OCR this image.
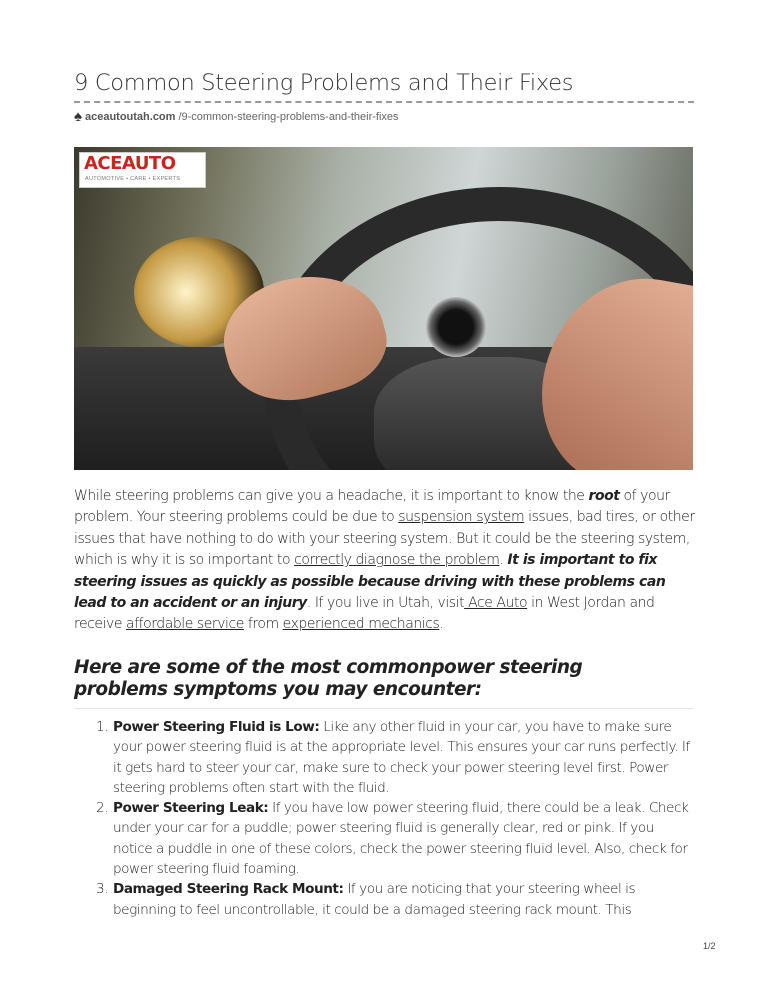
9 Common Steering Problems and Their Fixes
♠ aceautoutah.com /9-common-steering-problems-and-their-fixes
ACEAUTO
AUTOMOTIVE • CARE • EXPERTS

While steering problems can give you a headache, it is important to know the root of your problem. Your steering problems could be due to suspension system issues, bad tires, or other issues that have nothing to do with your steering system. But it could be the steering system, which is why it is so important to correctly diagnose the problem. It is important to fix steering issues as quickly as possible because driving with these problems can lead to an accident or an injury. If you live in Utah, visit Ace Auto in West Jordan and receive affordable service from experienced mechanics.

Here are some of the most commonpower steering problems symptoms you may encounter:
1. Power Steering Fluid is Low: Like any other fluid in your car, you have to make sure your power steering fluid is at the appropriate level. This ensures your car runs perfectly. If it gets hard to steer your car, make sure to check your power steering level first. Power steering problems often start with the fluid.
2. Power Steering Leak: If you have low power steering fluid, there could be a leak. Check under your car for a puddle; power steering fluid is generally clear, red or pink. If you notice a puddle in one of these colors, check the power steering fluid level. Also, check for power steering fluid foaming.
3. Damaged Steering Rack Mount: If you are noticing that your steering wheel is beginning to feel uncontrollable, it could be a damaged steering rack mount. This
1/2
